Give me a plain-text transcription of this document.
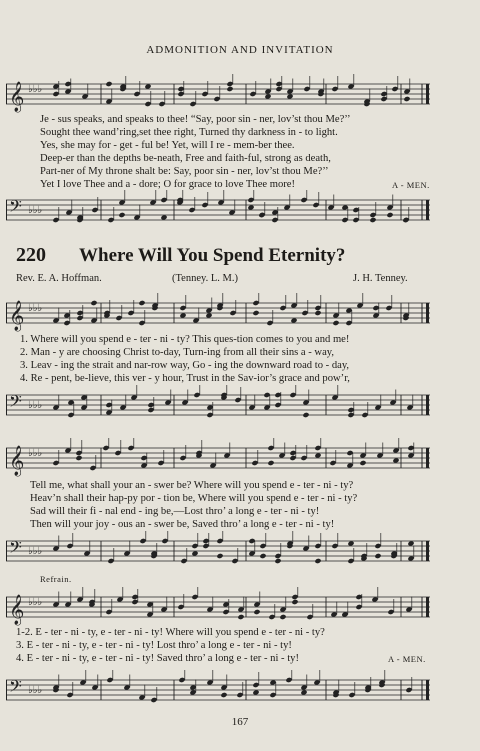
ADMONITION AND INVITATION
𝄞 ♭♭♭
Je - sus speaks, and speaks to thee! “Say, poor sin - ner, lov’st thou Me?’’
Sought thee wand’ring,set thee right, Turned thy darkness in - to light.
Yes, she may for - get - ful be! Yet, will I re - mem-ber thee.
Deep-er than the depths be-neath, Free and faith-ful, strong as death,
Part-ner of My throne shalt be: Say, poor sin - ner, lov’st thou Me?’’
Yet I love Thee and a - dore; O for grace to love Thee more!	A - MEN.
𝄢 ♭♭♭
220 Where Will You Spend Eternity?
Rev. E. A. Hoffman.	(Tenney. L. M.)	J. H. Tenney.
𝄞 ♭♭♭
1. Where will you spend e - ter - ni - ty? This ques-tion comes to you and me!
2. Man - y are choosing Christ to-day, Turn-ing from all their sins a - way,
3. Leav - ing the strait and nar-row way, Go - ing the downward road to - day,
4. Re - pent, be-lieve, this ver - y hour, Trust in the Sav-ior’s grace and pow’r,
𝄢 ♭♭♭
𝄞 ♭♭♭
Tell me, what shall your an - swer be? Where will you spend e - ter - ni - ty?
Heav’n shall their hap-py por - tion be, Where will you spend e - ter - ni - ty?
Sad will their fi - nal end - ing be,—Lost thro’ a long e - ter - ni - ty!
Then will your joy - ous an - swer be, Saved thro’ a long e - ter - ni - ty!
𝄢 ♭♭♭
Refrain.
𝄞 ♭♭♭
1-2. E - ter - ni - ty, e - ter - ni - ty! Where will you spend e - ter - ni - ty?
3. E - ter - ni - ty, e - ter - ni - ty! Lost thro’ a long e - ter - ni - ty!
4. E - ter - ni - ty, e - ter - ni - ty! Saved thro’ a long e - ter - ni - ty!	A - MEN.
𝄢 ♭♭♭
167
